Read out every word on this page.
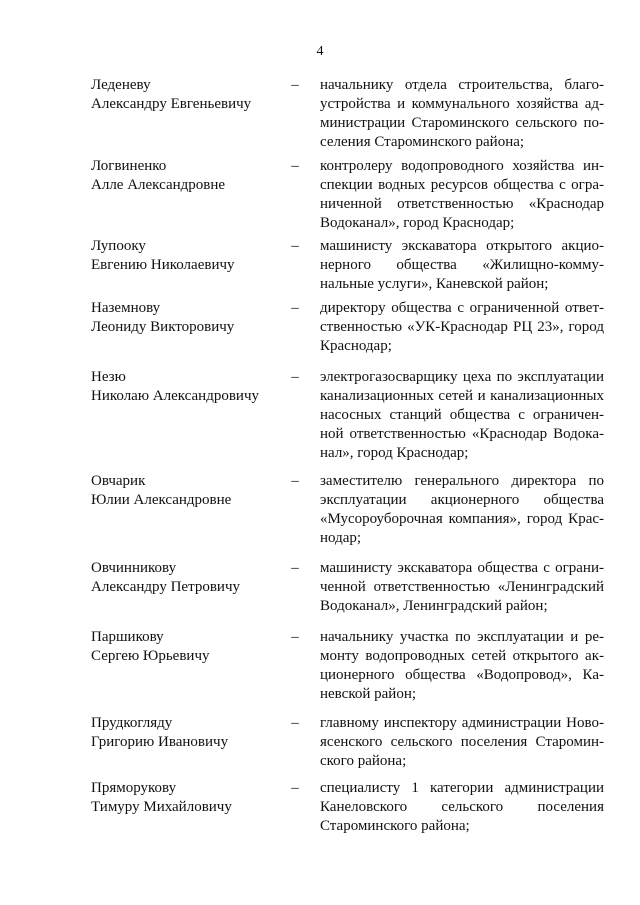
4
Леденеву
Александру Евгеньевичу
– начальнику отдела строительства, благо-
устройства и коммунального хозяйства ад-
министрации Староминского сельского по-
селения Староминского района;
Логвиненко
Алле Александровне
– контролеру водопроводного хозяйства ин-
спекции водных ресурсов общества с огра-
ниченной ответственностью «Краснодар
Водоканал», город Краснодар;
Лупооку
Евгению Николаевичу
– машинисту экскаватора открытого акцио-
нерного общества «Жилищно-комму-
нальные услуги», Каневской район;
Наземнову
Леониду Викторовичу
– директору общества с ограниченной ответ-
ственностью «УК-Краснодар РЦ 23», город
Краснодар;
Незю
Николаю Александровичу
– электрогазосварщику цеха по эксплуатации
канализационных сетей и канализационных
насосных станций общества с ограничен-
ной ответственностью «Краснодар Водока-
нал», город Краснодар;
Овчарик
Юлии Александровне
– заместителю генерального директора по
эксплуатации акционерного общества
«Мусороуборочная компания», город Крас-
нодар;
Овчинникову
Александру Петровичу
– машинисту экскаватора общества с ограни-
ченной ответственностью «Ленинградский
Водоканал», Ленинградский район;
Паршикову
Сергею Юрьевичу
– начальнику участка по эксплуатации и ре-
монту водопроводных сетей открытого ак-
ционерного общества «Водопровод», Ка-
невской район;
Прудкогляду
Григорию Ивановичу
– главному инспектору администрации Ново-
ясенского сельского поселения Старомин-
ского района;
Пряморукову
Тимуру Михайловичу
– специалисту 1 категории администрации
Канеловского сельского поселения
Староминского района;
